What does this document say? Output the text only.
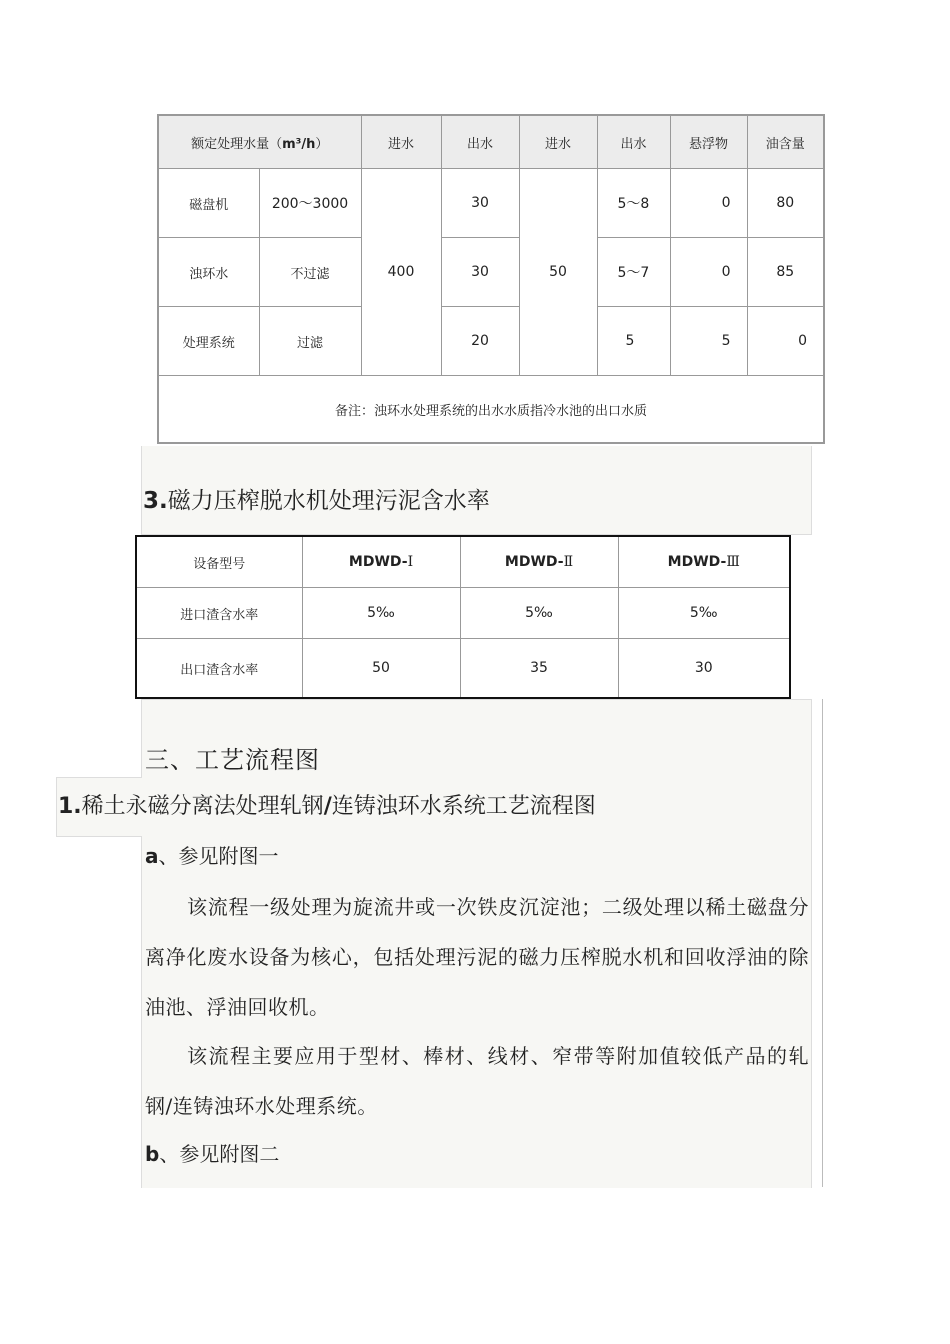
额定处理水量（m³/h）		进水	出水	进水	出水	悬浮物	油含量
磁盘机	200～3000	400	30	50	5～8	0	80
浊环水	不过滤		30		5～7	0	85
处理系统	过滤		20		5	5	0
备注：浊环水处理系统的出水水质指冷水池的出口水质							
3.磁力压榨脱水机处理污泥含水率
设备型号	MDWD-Ⅰ	MDWD-Ⅱ	MDWD-Ⅲ
进口渣含水率	5‰	5‰	5‰
出口渣含水率	50	35	30
三、工艺流程图
1.稀土永磁分离法处理轧钢/连铸浊环水系统工艺流程图
a、参见附图一
该流程一级处理为旋流井或一次铁皮沉淀池；二级处理以稀土磁盘分离净化废水设备为核心，包括处理污泥的磁力压榨脱水机和回收浮油的除油池、浮油回收机。
该流程主要应用于型材、棒材、线材、窄带等附加值较低产品的轧钢/连铸浊环水处理系统。
b、参见附图二
